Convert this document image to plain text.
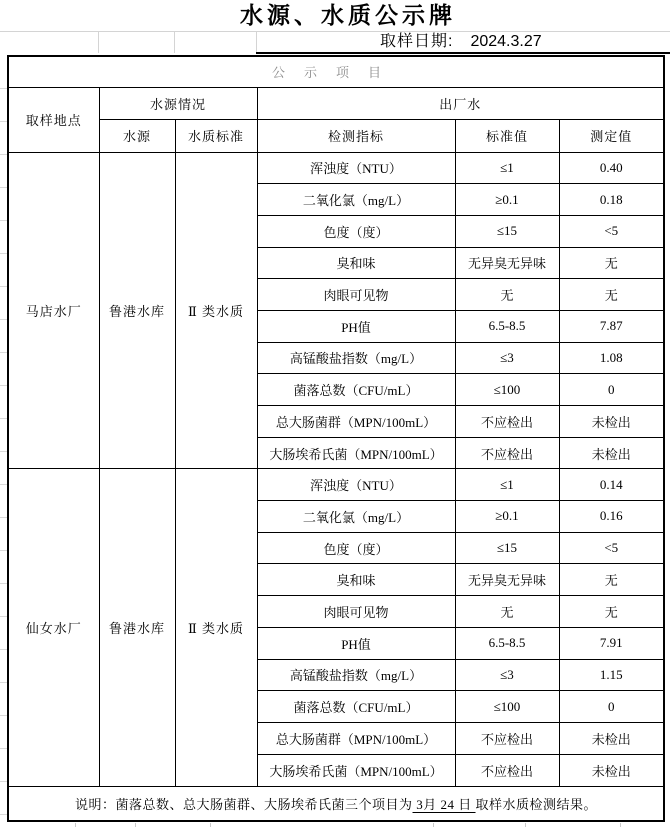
水源、水质公示牌
取样日期: 2024.3.27
公示项目					
取样地点	水源情况		出厂水		
	水源	水质标准	检测指标	标准值	测定值
马店水厂	鲁港水库	Ⅱ 类水质	浑浊度（NTU）	≤1	0.40
			二氧化氯（mg/L）	≥0.1	0.18
			色度（度）	≤15	<5
			臭和味	无异臭无异味	无
			肉眼可见物	无	无
			PH值	6.5-8.5	7.87
			高锰酸盐指数（mg/L）	≤3	1.08
			菌落总数（CFU/mL）	≤100	0
			总大肠菌群（MPN/100mL）	不应检出	未检出
			大肠埃希氏菌（MPN/100mL）	不应检出	未检出
仙女水厂	鲁港水库	Ⅱ 类水质	浑浊度（NTU）	≤1	0.14
			二氧化氯（mg/L）	≥0.1	0.16
			色度（度）	≤15	<5
			臭和味	无异臭无异味	无
			肉眼可见物	无	无
			PH值	6.5-8.5	7.91
			高锰酸盐指数（mg/L）	≤3	1.15
			菌落总数（CFU/mL）	≤100	0
			总大肠菌群（MPN/100mL）	不应检出	未检出
			大肠埃希氏菌（MPN/100mL）	不应检出	未检出
说明：菌落总数、总大肠菌群、大肠埃希氏菌三个项目为 3月 24 日 取样水质检测结果。					
